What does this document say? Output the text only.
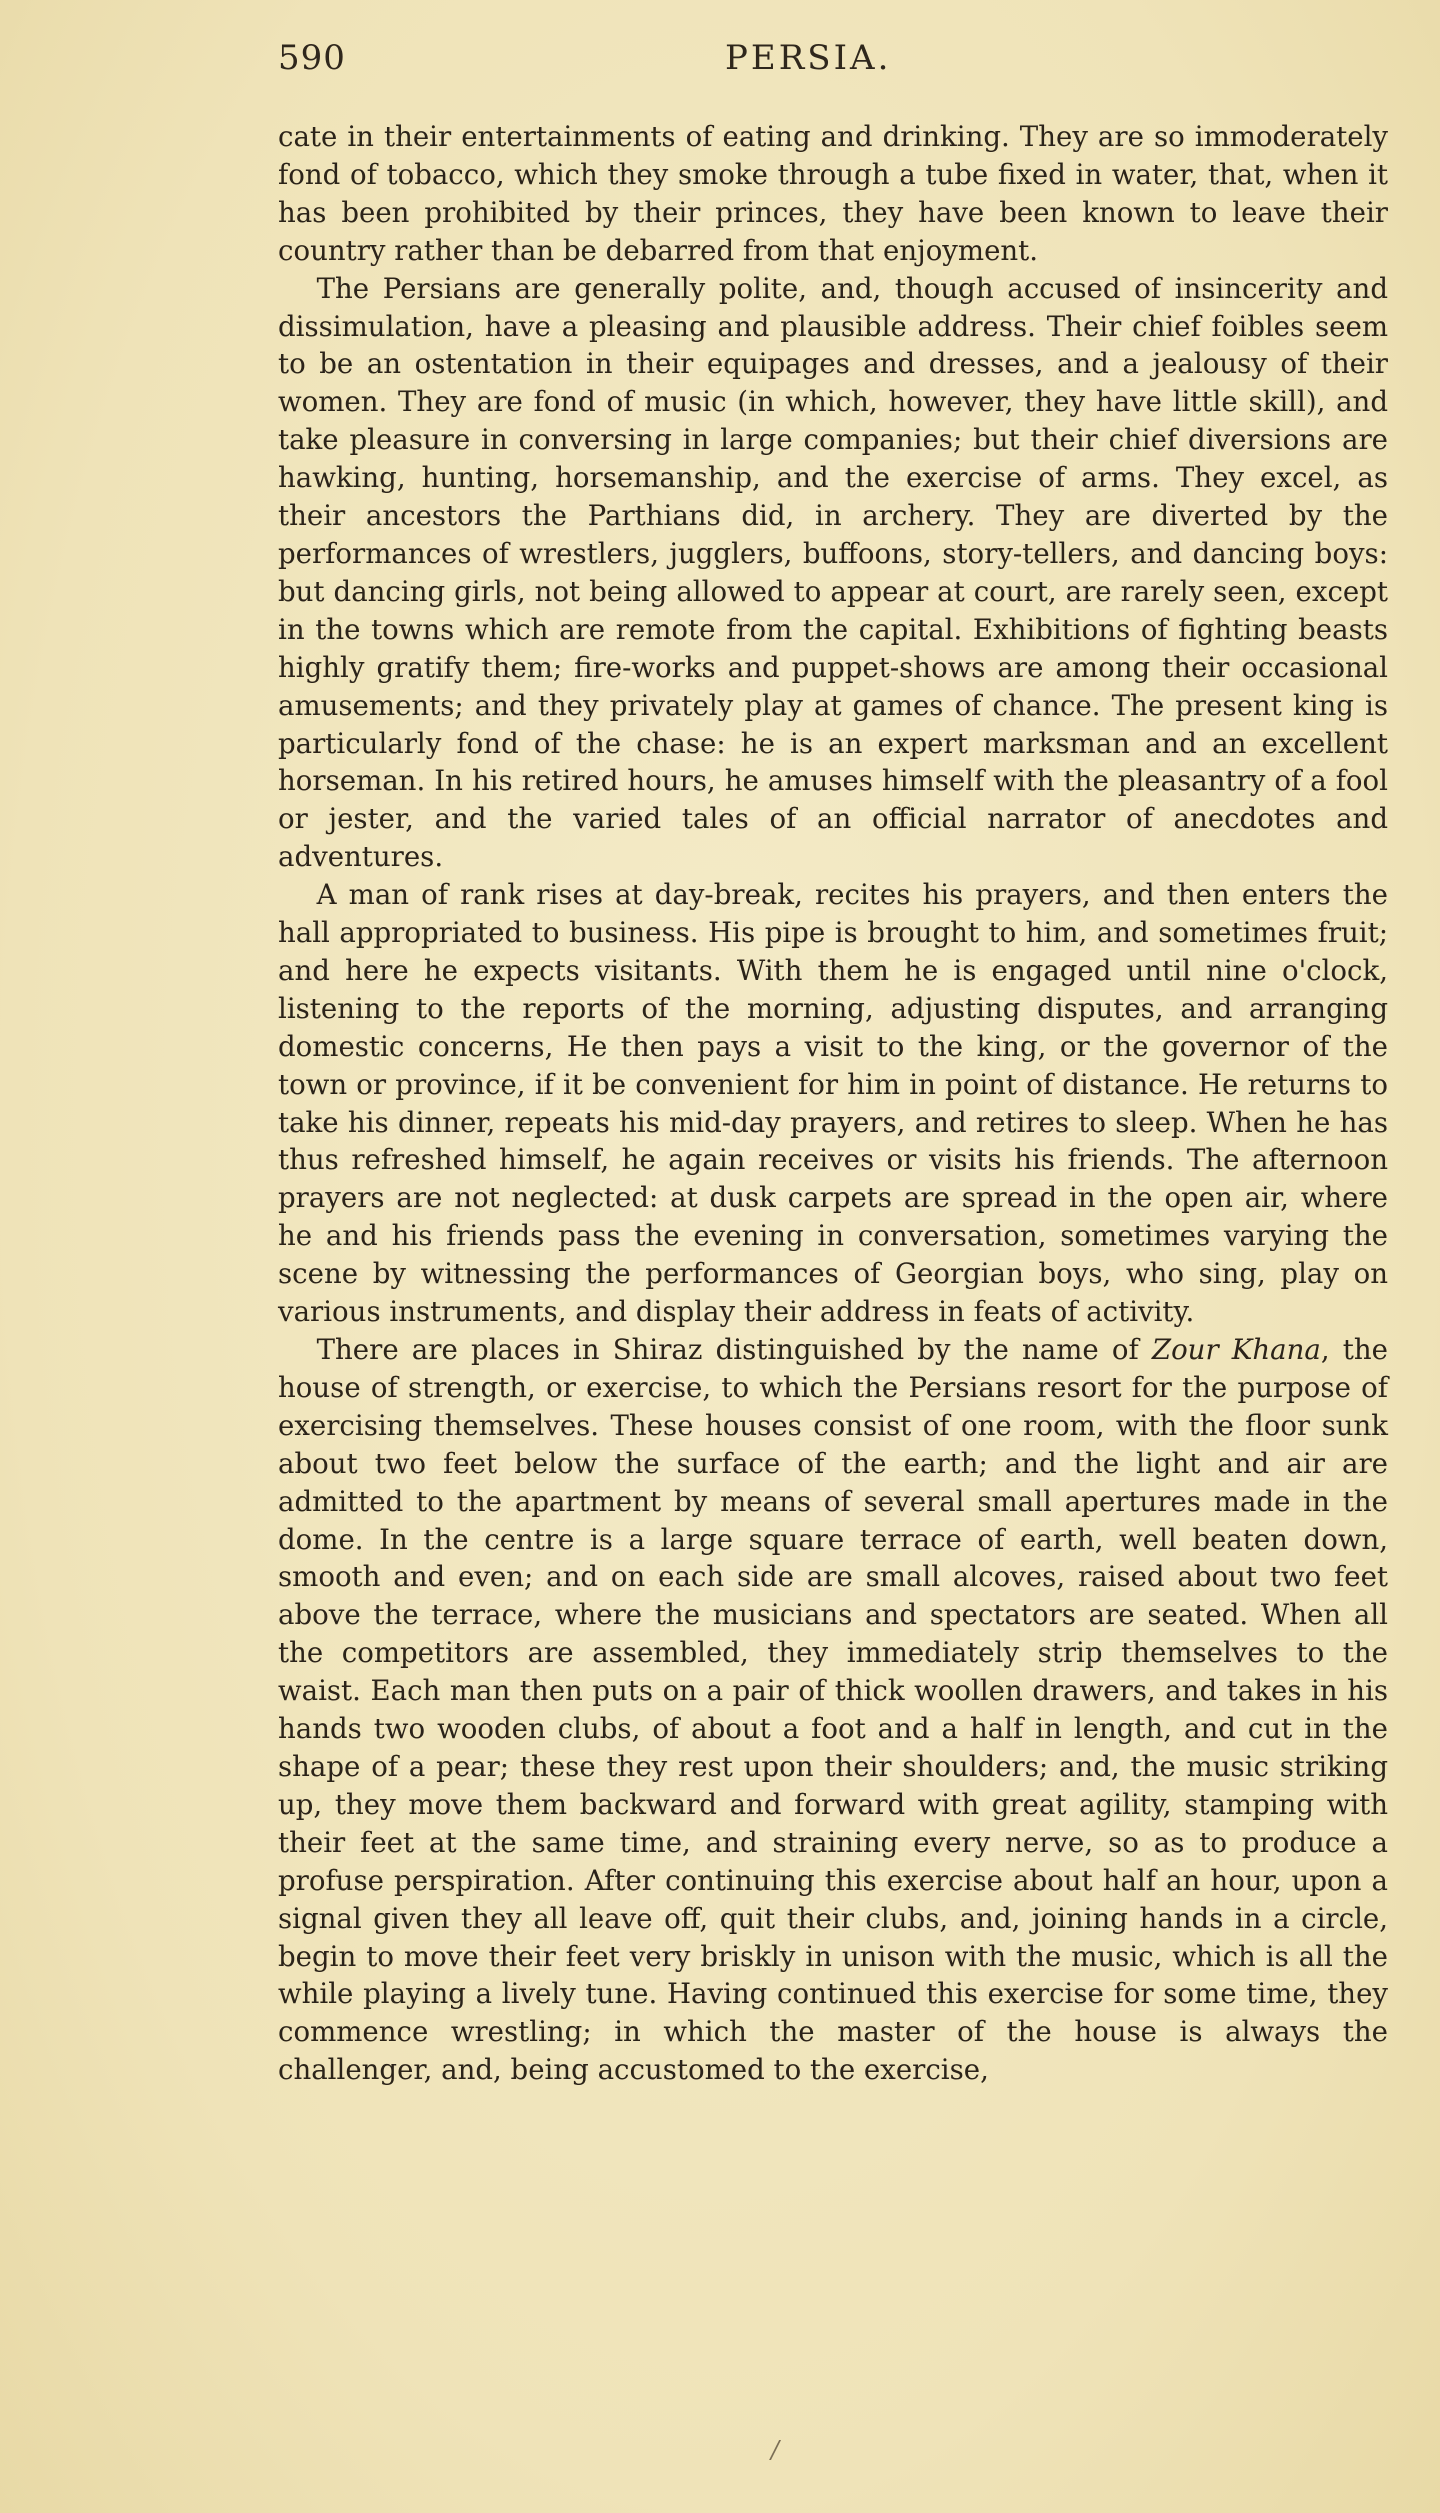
590	PERSIA.

cate in their entertainments of eating and drinking. They are so immoderately fond of tobacco, which they smoke through a tube fixed in water, that, when it has been prohibited by their princes, they have been known to leave their country rather than be debarred from that enjoyment.

The Persians are generally polite, and, though accused of insincerity and dissimulation, have a pleasing and plausible address. Their chief foibles seem to be an ostentation in their equipages and dresses, and a jealousy of their women. They are fond of music (in which, however, they have little skill), and take pleasure in conversing in large companies; but their chief diversions are hawking, hunting, horsemanship, and the exercise of arms. They excel, as their ancestors the Parthians did, in archery. They are diverted by the performances of wrestlers, jugglers, buffoons, story-tellers, and dancing boys: but dancing girls, not being allowed to appear at court, are rarely seen, except in the towns which are remote from the capital. Exhibitions of fighting beasts highly gratify them; fire-works and puppet-shows are among their occasional amusements; and they privately play at games of chance. The present king is particularly fond of the chase: he is an expert marksman and an excellent horseman. In his retired hours, he amuses himself with the pleasantry of a fool or jester, and the varied tales of an official narrator of anecdotes and adventures.

A man of rank rises at day-break, recites his prayers, and then enters the hall appropriated to business. His pipe is brought to him, and sometimes fruit; and here he expects visitants. With them he is engaged until nine o'clock, listening to the reports of the morning, adjusting disputes, and arranging domestic concerns, He then pays a visit to the king, or the governor of the town or province, if it be convenient for him in point of distance. He returns to take his dinner, repeats his mid-day prayers, and retires to sleep. When he has thus refreshed himself, he again receives or visits his friends. The afternoon prayers are not neglected: at dusk carpets are spread in the open air, where he and his friends pass the evening in conversation, sometimes varying the scene by witnessing the performances of Georgian boys, who sing, play on various instruments, and display their address in feats of activity.

There are places in Shiraz distinguished by the name of Zour Khana, the house of strength, or exercise, to which the Persians resort for the purpose of exercising themselves. These houses consist of one room, with the floor sunk about two feet below the surface of the earth; and the light and air are admitted to the apartment by means of several small apertures made in the dome. In the centre is a large square terrace of earth, well beaten down, smooth and even; and on each side are small alcoves, raised about two feet above the terrace, where the musicians and spectators are seated. When all the competitors are assembled, they immediately strip themselves to the waist. Each man then puts on a pair of thick woollen drawers, and takes in his hands two wooden clubs, of about a foot and a half in length, and cut in the shape of a pear; these they rest upon their shoulders; and, the music striking up, they move them backward and forward with great agility, stamping with their feet at the same time, and straining every nerve, so as to produce a profuse perspiration. After continuing this exercise about half an hour, upon a signal given they all leave off, quit their clubs, and, joining hands in a circle, begin to move their feet very briskly in unison with the music, which is all the while playing a lively tune. Having continued this exercise for some time, they commence wrestling; in which the master of the house is always the challenger, and, being accustomed to the exercise,

/
